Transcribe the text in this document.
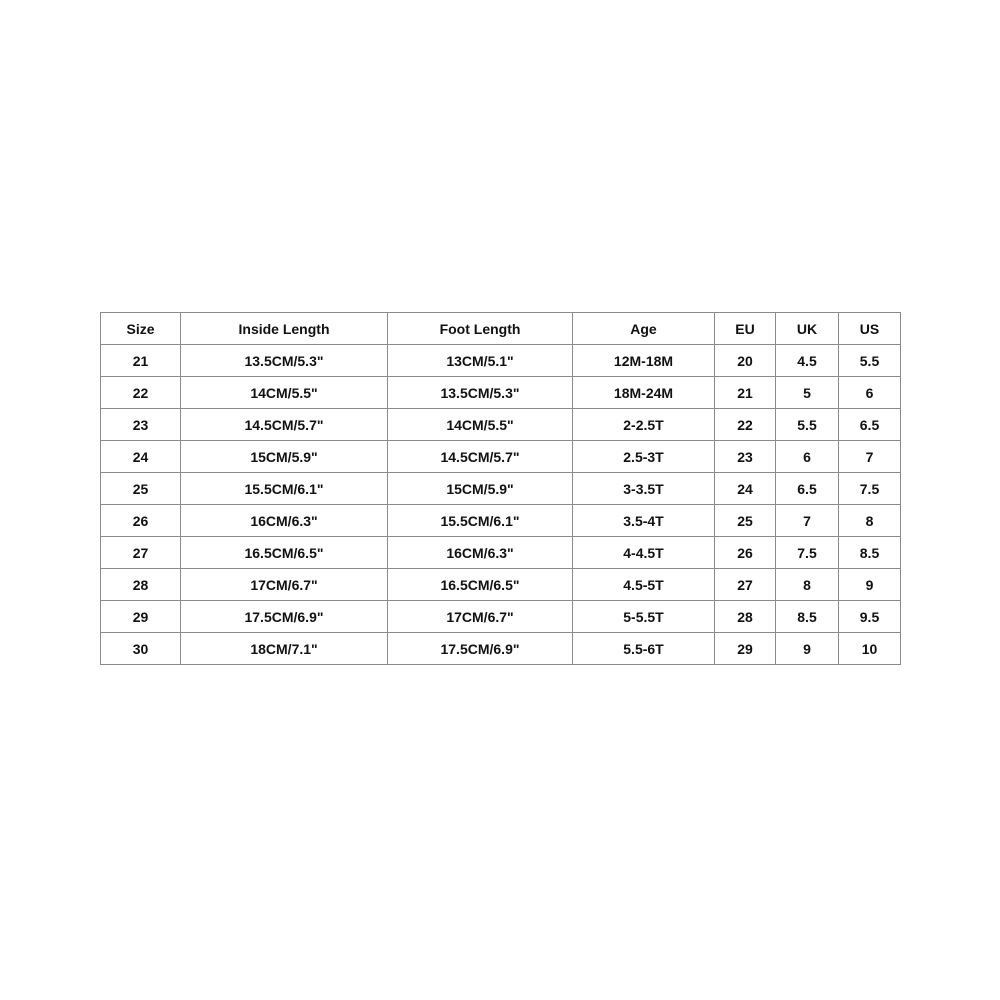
Size	Inside Length	Foot Length	Age	EU	UK	US
21	13.5CM/5.3"	13CM/5.1"	12M-18M	20	4.5	5.5
22	14CM/5.5"	13.5CM/5.3"	18M-24M	21	5	6
23	14.5CM/5.7"	14CM/5.5"	2-2.5T	22	5.5	6.5
24	15CM/5.9"	14.5CM/5.7"	2.5-3T	23	6	7
25	15.5CM/6.1"	15CM/5.9"	3-3.5T	24	6.5	7.5
26	16CM/6.3"	15.5CM/6.1"	3.5-4T	25	7	8
27	16.5CM/6.5"	16CM/6.3"	4-4.5T	26	7.5	8.5
28	17CM/6.7"	16.5CM/6.5"	4.5-5T	27	8	9
29	17.5CM/6.9"	17CM/6.7"	5-5.5T	28	8.5	9.5
30	18CM/7.1"	17.5CM/6.9"	5.5-6T	29	9	10
